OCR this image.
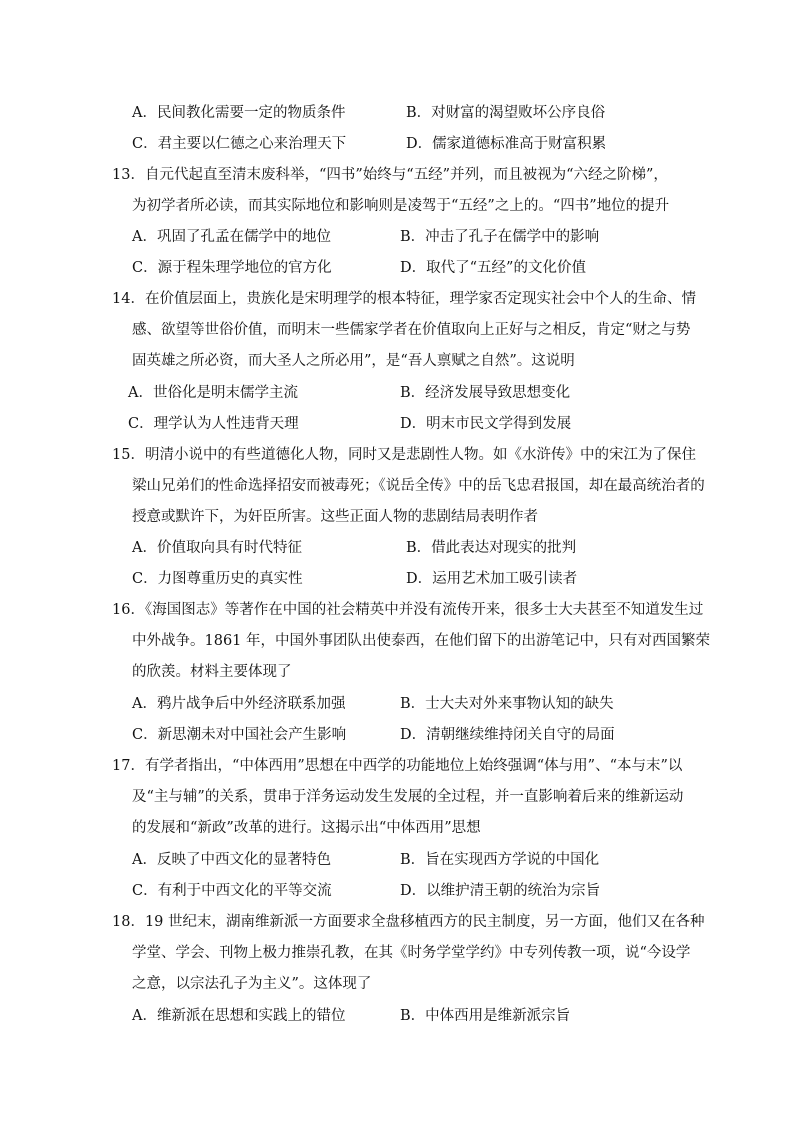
A．民间教化需要一定的物质条件	B．对财富的渴望败坏公序良俗
C．君主要以仁德之心来治理天下	D．儒家道德标准高于财富积累
13．自元代起直至清末废科举，“四书”始终与“五经”并列，而且被视为“六经之阶梯”，
为初学者所必读，而其实际地位和影响则是凌驾于“五经”之上的。“四书”地位的提升
A．巩固了孔孟在儒学中的地位	B．冲击了孔子在儒学中的影响
C．源于程朱理学地位的官方化	D．取代了“五经”的文化价值
14．在价值层面上，贵族化是宋明理学的根本特征，理学家否定现实社会中个人的生命、情
感、欲望等世俗价值，而明末一些儒家学者在价值取向上正好与之相反，肯定“财之与势
固英雄之所必资，而大圣人之所必用”，是“吾人禀赋之自然”。这说明
A．世俗化是明末儒学主流	B．经济发展导致思想变化
C．理学认为人性违背天理	D．明末市民文学得到发展
15．明清小说中的有些道德化人物，同时又是悲剧性人物。如《水浒传》中的宋江为了保住
梁山兄弟们的性命选择招安而被毒死；《说岳全传》中的岳飞忠君报国，却在最高统治者的
授意或默许下，为奸臣所害。这些正面人物的悲剧结局表明作者
A．价值取向具有时代特征	B．借此表达对现实的批判
C．力图尊重历史的真实性	D．运用艺术加工吸引读者
16．《海国图志》等著作在中国的社会精英中并没有流传开来，很多士大夫甚至不知道发生过
中外战争。1861 年，中国外事团队出使泰西，在他们留下的出游笔记中，只有对西国繁荣
的欣羡。材料主要体现了
A．鸦片战争后中外经济联系加强	B．士大夫对外来事物认知的缺失
C．新思潮未对中国社会产生影响	D．清朝继续维持闭关自守的局面
17．有学者指出，“中体西用”思想在中西学的功能地位上始终强调“体与用”、“本与末”以
及“主与辅”的关系，贯串于洋务运动发生发展的全过程，并一直影响着后来的维新运动
的发展和“新政”改革的进行。这揭示出“中体西用”思想
A．反映了中西文化的显著特色	B．旨在实现西方学说的中国化
C．有利于中西文化的平等交流	D．以维护清王朝的统治为宗旨
18．19 世纪末，湖南维新派一方面要求全盘移植西方的民主制度，另一方面，他们又在各种
学堂、学会、刊物上极力推崇孔教，在其《时务学堂学约》中专列传教一项，说“今设学
之意，以宗法孔子为主义”。这体现了
A．维新派在思想和实践上的错位	B．中体西用是维新派宗旨
